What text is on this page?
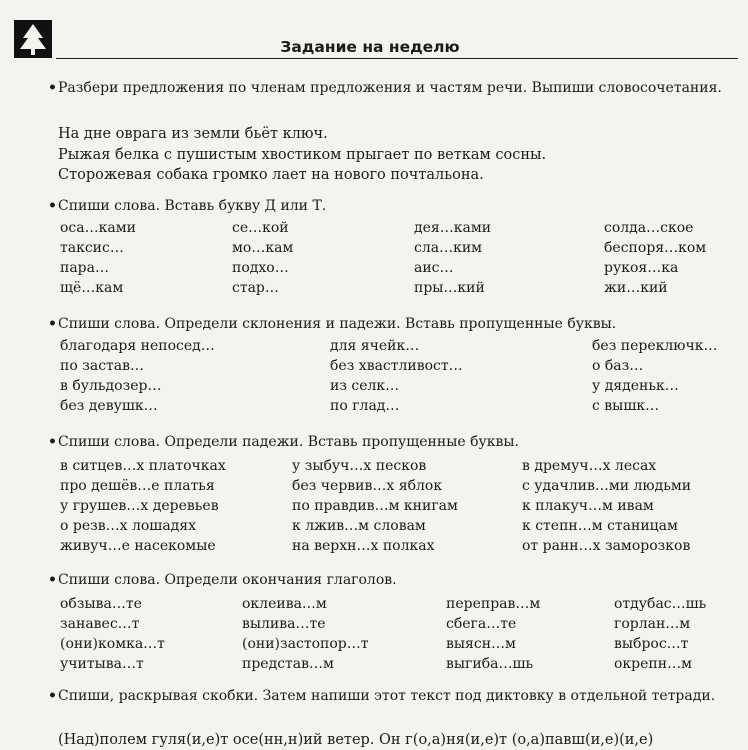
Задание на неделю
• Разбери предложения по членам предложения и частям речи. Выпиши словосочетания.

На дне оврага из земли бьёт ключ.
Рыжая белка с пушистым хвостиком прыгает по веткам сосны.
Сторожевая собака громко лает на нового почтальона.
• Спиши слова. Вставь букву Д или Т.

оса…ками
таксис…
пара…
щё…кам
се…кой
мо…кам
подхо…
стар…
дея…ками
сла…ким
аис…
пры…кий
солда…ское
беспоря…ком
рукоя…ка
жи…кий
• Спиши слова. Определи склонения и падежи. Вставь пропущенные буквы.

благодаря непосед…
по застав…
в бульдозер…
без девушк…
для ячейк…
без хвастливост…
из селк…
по глад…
без переключк…
о баз…
у дяденьк…
с вышк…
• Спиши слова. Определи падежи. Вставь пропущенные буквы.

в ситцев…х платочках
про дешёв…е платья
у грушев…х деревьев
о резв…х лошадях
живуч…е насекомые
у зыбуч…х песков
без червив…х яблок
по правдив…м книгам
к лжив…м словам
на верхн…х полках
в дремуч…х лесах
с удачлив…ми людьми
к плакуч…м ивам
к степн…м станицам
от ранн…х заморозков
• Спиши слова. Определи окончания глаголов.

обзыва…те
занавес…т
(они)комка…т
учитыва…т
оклеива…м
вылива…те
(они)застопор…т
представ…м
переправ…м
сбега…те
выясн…м
выгиба…шь
отдубас…шь
горлан…м
выброс…т
окрепн…м
• Спиши, раскрывая скобки. Затем напиши этот текст под диктовку в отдельной тетради.

(Над)полем гуля(и,е)т осе(нн,н)ий ветер. Он г(о,а)ня(и,е)т (о,а)павш(и,е)(и,е)
